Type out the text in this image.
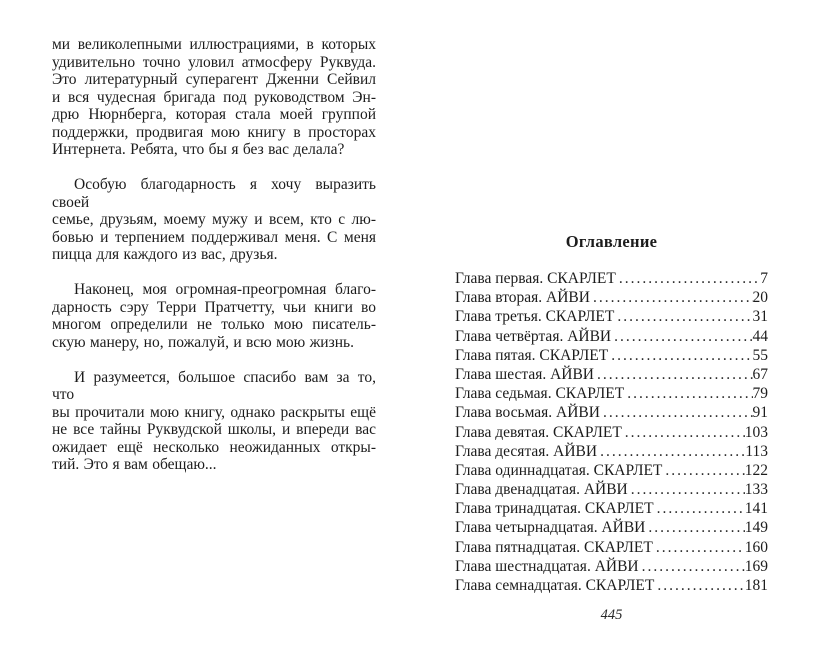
ми великолепными иллюстрациями, в которых
удивительно точно уловил атмосферу Руквуда.
Это литературный суперагент Дженни Сейвил
и вся чудесная бригада под руководством Эн-
дрю Нюрнберга, которая стала моей группой
поддержки, продвигая мою книгу в просторах
Интернета. Ребята, что бы я без вас делала?
Особую благодарность я хочу выразить своей
семье, друзьям, моему мужу и всем, кто с лю-
бовью и терпением поддерживал меня. С меня
пицца для каждого из вас, друзья.
Наконец, моя огромная-преогромная благо-
дарность сэру Терри Пратчетту, чьи книги во
многом определили не только мою писатель-
скую манеру, но, пожалуй, и всю мою жизнь.
И разумеется, большое спасибо вам за то, что
вы прочитали мою книгу, однако раскрыты ещё
не все тайны Руквудской школы, и впереди вас
ожидает ещё несколько неожиданных откры-
тий. Это я вам обещаю...
Оглавление
Глава первая. СКАРЛЕТ .....	7
Глава вторая. АЙВИ .....	20
Глава третья. СКАРЛЕТ .....	31
Глава четвёртая. АЙВИ .....	44
Глава пятая. СКАРЛЕТ .....	55
Глава шестая. АЙВИ .....	67
Глава седьмая. СКАРЛЕТ .....	79
Глава восьмая. АЙВИ .....	91
Глава девятая. СКАРЛЕТ .....	103
Глава десятая. АЙВИ .....	113
Глава одиннадцатая. СКАРЛЕТ .....	122
Глава двенадцатая. АЙВИ .....	133
Глава тринадцатая. СКАРЛЕТ .....	141
Глава четырнадцатая. АЙВИ .....	149
Глава пятнадцатая. СКАРЛЕТ .....	160
Глава шестнадцатая. АЙВИ .....	169
Глава семнадцатая. СКАРЛЕТ .....	181
445
